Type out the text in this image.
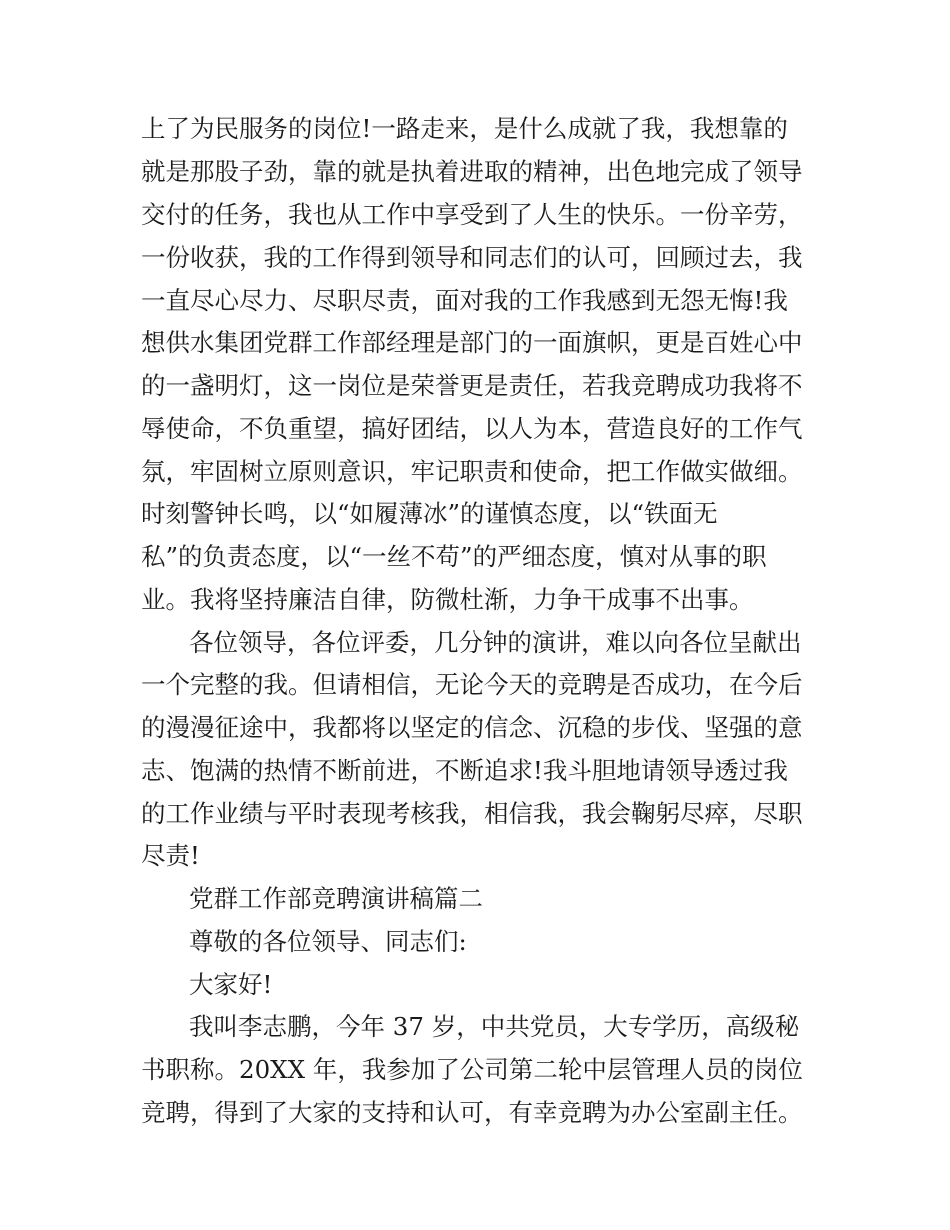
上了为民服务的岗位!一路走来，是什么成就了我，我想靠的
就是那股子劲，靠的就是执着进取的精神，出色地完成了领导
交付的任务，我也从工作中享受到了人生的快乐。一份辛劳，
一份收获，我的工作得到领导和同志们的认可，回顾过去，我
一直尽心尽力、尽职尽责，面对我的工作我感到无怨无悔!我
想供水集团党群工作部经理是部门的一面旗帜，更是百姓心中
的一盏明灯，这一岗位是荣誉更是责任，若我竞聘成功我将不
辱使命，不负重望，搞好团结，以人为本，营造良好的工作气
氛，牢固树立原则意识，牢记职责和使命，把工作做实做细。
时刻警钟长鸣，以“如履薄冰”的谨慎态度，以“铁面无
私”的负责态度，以“一丝不苟”的严细态度，慎对从事的职
业。我将坚持廉洁自律，防微杜渐，力争干成事不出事。
各位领导，各位评委，几分钟的演讲，难以向各位呈献出
一个完整的我。但请相信，无论今天的竞聘是否成功，在今后
的漫漫征途中，我都将以坚定的信念、沉稳的步伐、坚强的意
志、饱满的热情不断前进，不断追求!我斗胆地请领导透过我
的工作业绩与平时表现考核我，相信我，我会鞠躬尽瘁，尽职
尽责!
党群工作部竞聘演讲稿篇二
尊敬的各位领导、同志们:
大家好!
我叫李志鹏，今年 37 岁，中共党员，大专学历，高级秘
书职称。20XX 年，我参加了公司第二轮中层管理人员的岗位
竞聘，得到了大家的支持和认可，有幸竞聘为办公室副主任。
